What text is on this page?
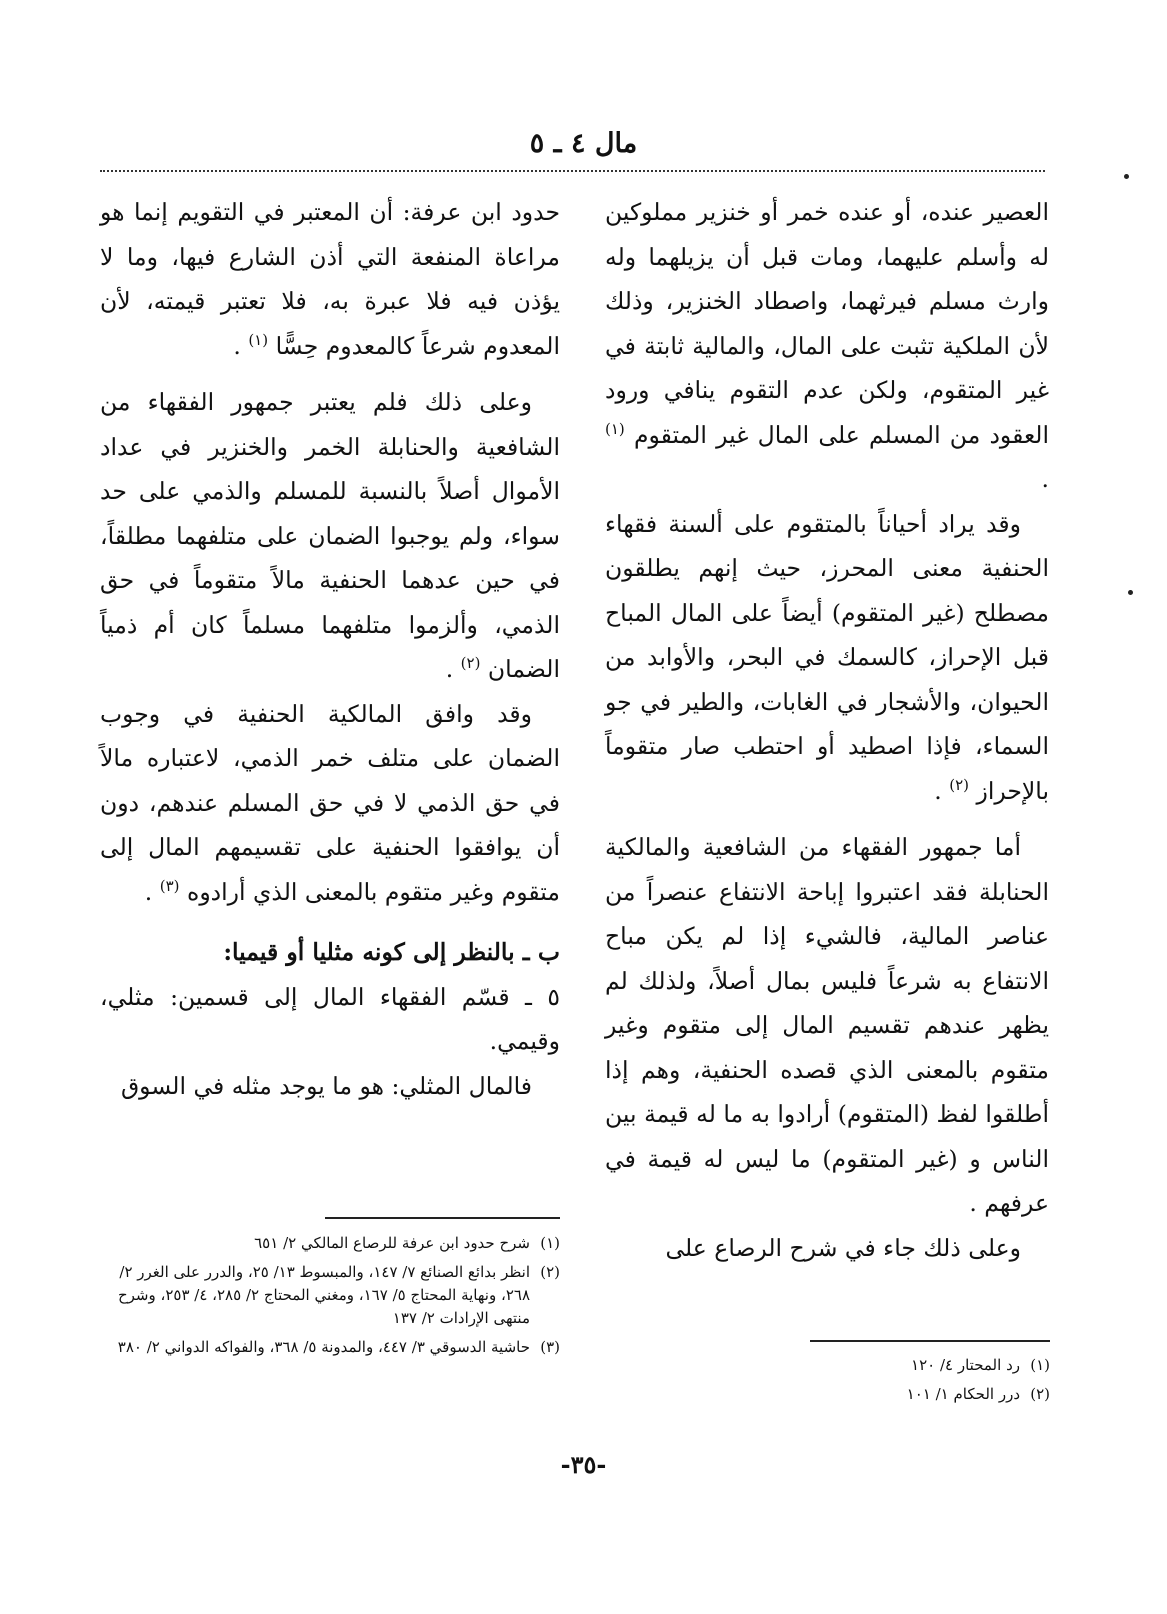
مال ٤ ـ ٥

العصير عنده، أو عنده خمر أو خنزير مملوكين له وأسلم عليهما، ومات قبل أن يزيلهما وله وارث مسلم فيرثهما، واصطاد الخنزير، وذلك لأن الملكية تثبت على المال، والمالية ثابتة في غير المتقوم، ولكن عدم التقوم ينافي ورود العقود من المسلم على المال غير المتقوم $^{(١)}$ .

وقد يراد أحياناً بالمتقوم على ألسنة فقهاء الحنفية معنى المحرز، حيث إنهم يطلقون مصطلح (غير المتقوم) أيضاً على المال المباح قبل الإحراز، كالسمك في البحر، والأوابد من الحيوان، والأشجار في الغابات، والطير في جو السماء، فإذا اصطيد أو احتطب صار متقوماً بالإحراز $^{(٢)}$ .

أما جمهور الفقهاء من الشافعية والمالكية الحنابلة فقد اعتبروا إباحة الانتفاع عنصراً من عناصر المالية، فالشيء إذا لم يكن مباح الانتفاع به شرعاً فليس بمال أصلاً، ولذلك لم يظهر عندهم تقسيم المال إلى متقوم وغير متقوم بالمعنى الذي قصده الحنفية، وهم إذا أطلقوا لفظ (المتقوم) أرادوا به ما له قيمة بين الناس و (غير المتقوم) ما ليس له قيمة في عرفهم .

وعلى ذلك جاء في شرح الرصاع على

حدود ابن عرفة: أن المعتبر في التقويم إنما هو مراعاة المنفعة التي أذن الشارع فيها، وما لا يؤذن فيه فلا عبرة به، فلا تعتبر قيمته، لأن المعدوم شرعاً كالمعدوم حِسًّا $^{(١)}$ .

وعلى ذلك فلم يعتبر جمهور الفقهاء من الشافعية والحنابلة الخمر والخنزير في عداد الأموال أصلاً بالنسبة للمسلم والذمي على حد سواء، ولم يوجبوا الضمان على متلفهما مطلقاً، في حين عدهما الحنفية مالاً متقوماً في حق الذمي، وألزموا متلفهما مسلماً كان أم ذمياً الضمان $^{(٢)}$ .

وقد وافق المالكية الحنفية في وجوب الضمان على متلف خمر الذمي، لاعتباره مالاً في حق الذمي لا في حق المسلم عندهم، دون أن يوافقوا الحنفية على تقسيمهم المال إلى متقوم وغير متقوم بالمعنى الذي أرادوه $^{(٣)}$ .

ب ـ بالنظر إلى كونه مثليا أو قيميا:

٥ ـ قسّم الفقهاء المال إلى قسمين: مثلي، وقيمي.

فالمال المثلي: هو ما يوجد مثله في السوق

(١)
رد المحتار ٤/ ١٢٠
(٢)
درر الحكام ١/ ١٠١
(١)
شرح حدود ابن عرفة للرصاع المالكي ٢/ ٦٥١
(٢)
انظر بدائع الصنائع ٧/ ١٤٧، والمبسوط ١٣/ ٢٥، والدرر على الغرر ٢/ ٢٦٨، ونهاية المحتاج ٥/ ١٦٧، ومغني المحتاج ٢/ ٢٨٥، ٤/ ٢٥٣، وشرح منتهى الإرادات ٢/ ١٣٧
(٣)
حاشية الدسوقي ٣/ ٤٤٧، والمدونة ٥/ ٣٦٨، والفواكه الدواني ٢/ ٣٨٠
-٣٥-
